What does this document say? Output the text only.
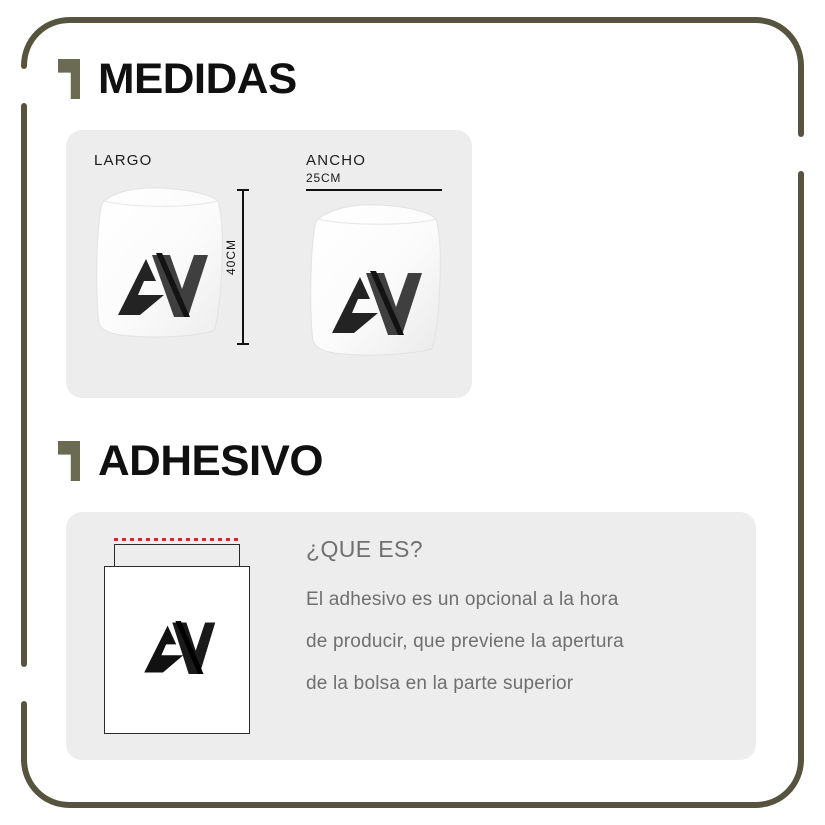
MEDIDAS
LARGO
40CM
ANCHO
25CM
ADHESIVO

¿QUE ES?

El adhesivo es un opcional a la hora

de producir, que previene la apertura

de la bolsa en la parte superior
